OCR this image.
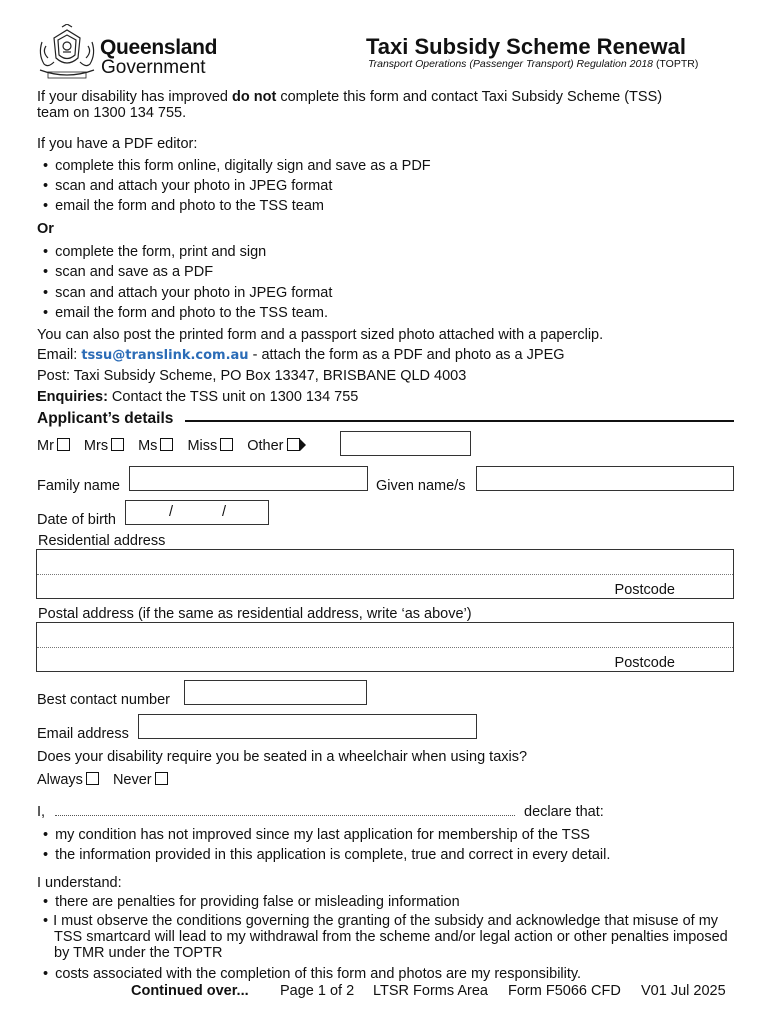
Queensland
Government
Taxi Subsidy Scheme Renewal
Transport Operations (Passenger Transport) Regulation 2018 (TOPTR)
If your disability has improved do not complete this form and contact Taxi Subsidy Scheme (TSS)
team on 1300 134 755.
If you have a PDF editor:
• complete this form online, digitally sign and save as a PDF
• scan and attach your photo in JPEG format
• email the form and photo to the TSS team
Or
• complete the form, print and sign
• scan and save as a PDF
• scan and attach your photo in JPEG format
• email the form and photo to the TSS team.
You can also post the printed form and a passport sized photo attached with a paperclip.
Email: tssu@translink.com.au - attach the form as a PDF and photo as a JPEG
Post: Taxi Subsidy Scheme, PO Box 13347, BRISBANE QLD 4003
Enquiries: Contact the TSS unit on 1300 134 755
Applicant’s details
Mr Mrs Ms Miss Other
Family name	Given name/s
Date of birth	/	/
Residential address
Postcode
Postal address (if the same as residential address, write ‘as above’)
Postcode
Best contact number
Email address
Does your disability require you be seated in a wheelchair when using taxis?
Always Never
I,	declare that:
• my condition has not improved since my last application for membership of the TSS
• the information provided in this application is complete, true and correct in every detail.
I understand:
• there are penalties for providing false or misleading information
• I must observe the conditions governing the granting of the subsidy and acknowledge that misuse of my TSS smartcard will lead to my withdrawal from the scheme and/or legal action or other penalties imposed by TMR under the TOPTR
• costs associated with the completion of this form and photos are my responsibility.
Continued over... Page 1 of 2 LTSR Forms Area Form F5066 CFD V01 Jul 2025
